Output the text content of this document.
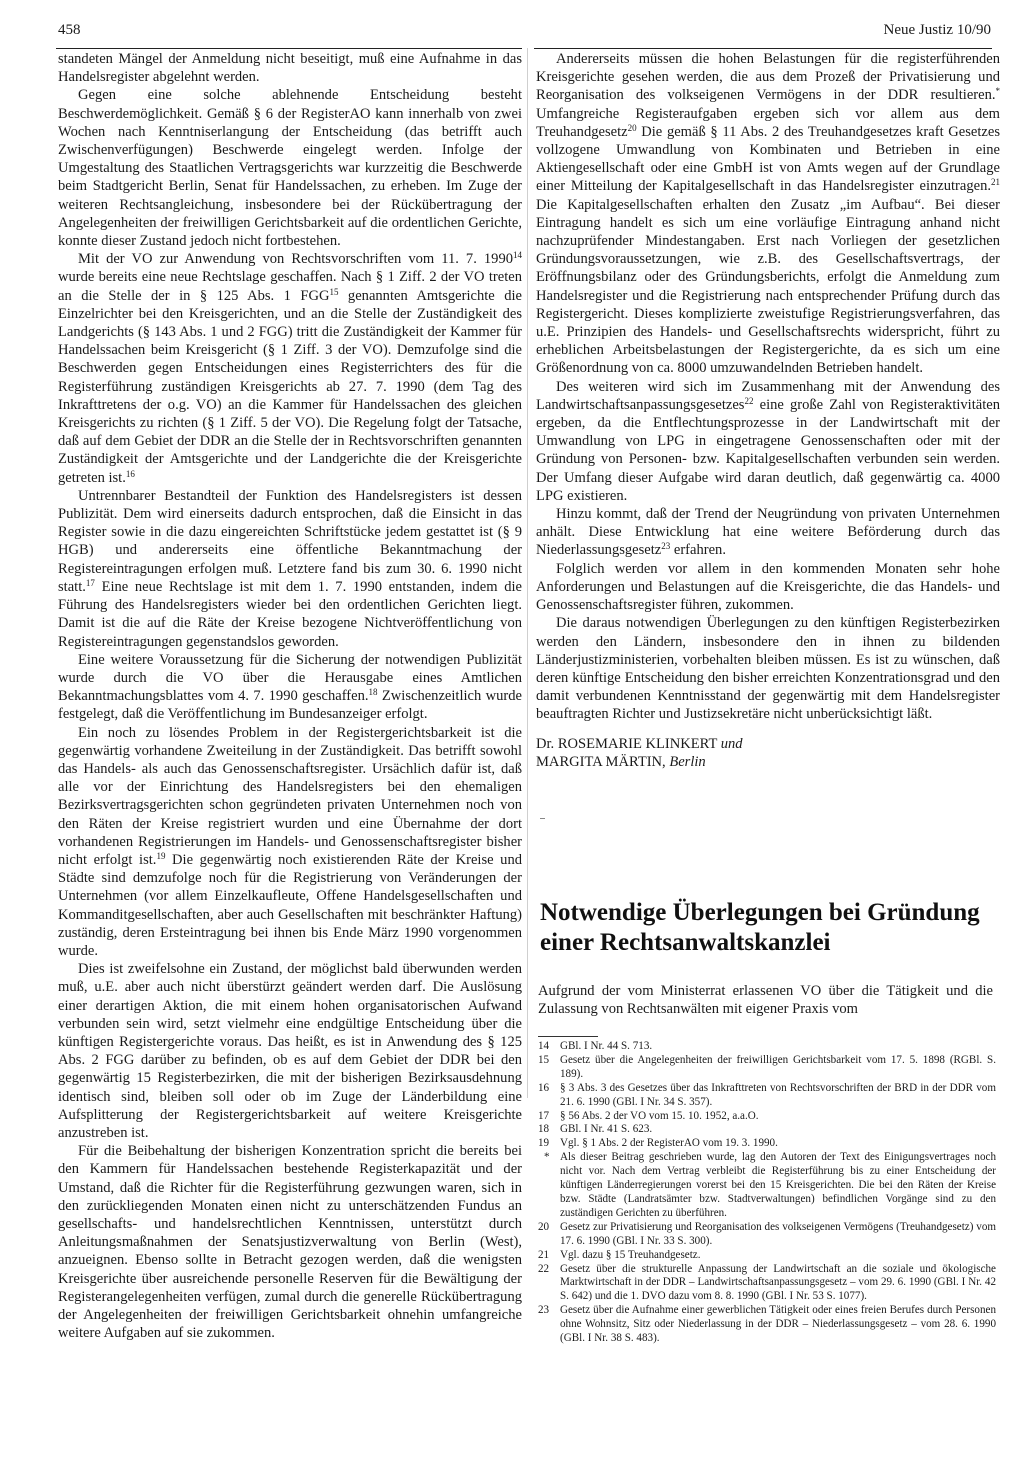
458	Neue Justiz 10/90

standeten Mängel der Anmeldung nicht beseitigt, muß eine Aufnahme in das Handelsregister abgelehnt werden.

Gegen eine solche ablehnende Entscheidung besteht Beschwerdemöglichkeit. Gemäß § 6 der RegisterAO kann innerhalb von zwei Wochen nach Kenntniserlangung der Entscheidung (das betrifft auch Zwischenverfügungen) Beschwerde eingelegt werden. Infolge der Umgestaltung des Staatlichen Vertragsgerichts war kurzzeitig die Beschwerde beim Stadtgericht Berlin, Senat für Handelssachen, zu erheben. Im Zuge der weiteren Rechtsangleichung, insbesondere bei der Rückübertragung der Angelegenheiten der freiwilligen Gerichtsbarkeit auf die ordentlichen Gerichte, konnte dieser Zustand jedoch nicht fortbestehen.

Mit der VO zur Anwendung von Rechtsvorschriften vom 11. 7. 1990$^{14}$ wurde bereits eine neue Rechtslage geschaffen. Nach § 1 Ziff. 2 der VO treten an die Stelle der in § 125 Abs. 1 FGG$^{15}$ genannten Amtsgerichte die Einzelrichter bei den Kreisgerichten, und an die Stelle der Zuständigkeit des Landgerichts (§ 143 Abs. 1 und 2 FGG) tritt die Zuständigkeit der Kammer für Handelssachen beim Kreisgericht (§ 1 Ziff. 3 der VO). Demzufolge sind die Beschwerden gegen Entscheidungen eines Registerrichters des für die Registerführung zuständigen Kreisgerichts ab 27. 7. 1990 (dem Tag des Inkrafttretens der o.g. VO) an die Kammer für Handelssachen des gleichen Kreisgerichts zu richten (§ 1 Ziff. 5 der VO). Die Regelung folgt der Tatsache, daß auf dem Gebiet der DDR an die Stelle der in Rechtsvorschriften genannten Zuständigkeit der Amtsgerichte und der Landgerichte die der Kreisgerichte getreten ist.$^{16}$

Untrennbarer Bestandteil der Funktion des Handelsregisters ist dessen Publizität. Dem wird einerseits dadurch entsprochen, daß die Einsicht in das Register sowie in die dazu eingereichten Schriftstücke jedem gestattet ist (§ 9 HGB) und andererseits eine öffentliche Bekanntmachung der Registereintragungen erfolgen muß. Letztere fand bis zum 30. 6. 1990 nicht statt.$^{17}$ Eine neue Rechtslage ist mit dem 1. 7. 1990 entstanden, indem die Führung des Handelsregisters wieder bei den ordentlichen Gerichten liegt. Damit ist die auf die Räte der Kreise bezogene Nichtveröffentlichung von Registereintragungen gegenstandslos geworden.

Eine weitere Voraussetzung für die Sicherung der notwendigen Publizität wurde durch die VO über die Herausgabe eines Amtlichen Bekanntmachungsblattes vom 4. 7. 1990 geschaffen.$^{18}$ Zwischenzeitlich wurde festgelegt, daß die Veröffentlichung im Bundesanzeiger erfolgt.

Ein noch zu lösendes Problem in der Registergerichtsbarkeit ist die gegenwärtig vorhandene Zweiteilung in der Zuständigkeit. Das betrifft sowohl das Handels- als auch das Genossenschaftsregister. Ursächlich dafür ist, daß alle vor der Einrichtung des Handelsregisters bei den ehemaligen Bezirksvertragsgerichten schon gegründeten privaten Unternehmen noch von den Räten der Kreise registriert wurden und eine Übernahme der dort vorhandenen Registrierungen im Handels- und Genossenschaftsregister bisher nicht erfolgt ist.$^{19}$ Die gegenwärtig noch existierenden Räte der Kreise und Städte sind demzufolge noch für die Registrierung von Veränderungen der Unternehmen (vor allem Einzelkaufleute, Offene Handelsgesellschaften und Kommanditgesellschaften, aber auch Gesellschaften mit beschränkter Haftung) zuständig, deren Ersteintragung bei ihnen bis Ende März 1990 vorgenommen wurde.

Dies ist zweifelsohne ein Zustand, der möglichst bald überwunden werden muß, u.E. aber auch nicht überstürzt geändert werden darf. Die Auslösung einer derartigen Aktion, die mit einem hohen organisatorischen Aufwand verbunden sein wird, setzt vielmehr eine endgültige Entscheidung über die künftigen Registergerichte voraus. Das heißt, es ist in Anwendung des § 125 Abs. 2 FGG darüber zu befinden, ob es auf dem Gebiet der DDR bei den gegenwärtig 15 Registerbezirken, die mit der bisherigen Bezirksausdehnung identisch sind, bleiben soll oder ob im Zuge der Länderbildung eine Aufsplitterung der Registergerichtsbarkeit auf weitere Kreisgerichte anzustreben ist.

Für die Beibehaltung der bisherigen Konzentration spricht die bereits bei den Kammern für Handelssachen bestehende Registerkapazität und der Umstand, daß die Richter für die Registerführung gezwungen waren, sich in den zurückliegenden Monaten einen nicht zu unterschätzenden Fundus an gesellschafts- und handelsrechtlichen Kenntnissen, unterstützt durch Anleitungsmaßnahmen der Senatsjustizverwaltung von Berlin (West), anzueignen. Ebenso sollte in Betracht gezogen werden, daß die wenigsten Kreisgerichte über ausreichende personelle Reserven für die Bewältigung der Registerangelegenheiten verfügen, zumal durch die generelle Rückübertragung der Angelegenheiten der freiwilligen Gerichtsbarkeit ohnehin umfangreiche weitere Aufgaben auf sie zukommen.

Andererseits müssen die hohen Belastungen für die registerführenden Kreisgerichte gesehen werden, die aus dem Prozeß der Privatisierung und Reorganisation des volkseigenen Vermögens in der DDR resultieren.* Umfangreiche Registeraufgaben ergeben sich vor allem aus dem Treuhandgesetz$^{20}$ Die gemäß § 11 Abs. 2 des Treuhandgesetzes kraft Gesetzes vollzogene Umwandlung von Kombinaten und Betrieben in eine Aktiengesellschaft oder eine GmbH ist von Amts wegen auf der Grundlage einer Mitteilung der Kapitalgesellschaft in das Handelsregister einzutragen.$^{21}$ Die Kapitalgesellschaften erhalten den Zusatz „im Aufbau“. Bei dieser Eintragung handelt es sich um eine vorläufige Eintragung anhand nicht nachzuprüfender Mindestangaben. Erst nach Vorliegen der gesetzlichen Gründungsvoraussetzungen, wie z.B. des Gesellschaftsvertrags, der Eröffnungsbilanz oder des Gründungsberichts, erfolgt die Anmeldung zum Handelsregister und die Registrierung nach entsprechender Prüfung durch das Registergericht. Dieses komplizierte zweistufige Registrierungsverfahren, das u.E. Prinzipien des Handels- und Gesellschaftsrechts widerspricht, führt zu erheblichen Arbeitsbelastungen der Registergerichte, da es sich um eine Größenordnung von ca. 8000 umzuwandelnden Betrieben handelt.

Des weiteren wird sich im Zusammenhang mit der Anwendung des Landwirtschaftsanpassungsgesetzes$^{22}$ eine große Zahl von Registeraktivitäten ergeben, da die Entflechtungsprozesse in der Landwirtschaft mit der Umwandlung von LPG in eingetragene Genossenschaften oder mit der Gründung von Personen- bzw. Kapitalgesellschaften verbunden sein werden. Der Umfang dieser Aufgabe wird daran deutlich, daß gegenwärtig ca. 4000 LPG existieren.

Hinzu kommt, daß der Trend der Neugründung von privaten Unternehmen anhält. Diese Entwicklung hat eine weitere Beförderung durch das Niederlassungsgesetz$^{23}$ erfahren.

Folglich werden vor allem in den kommenden Monaten sehr hohe Anforderungen und Belastungen auf die Kreisgerichte, die das Handels- und Genossenschaftsregister führen, zukommen.

Die daraus notwendigen Überlegungen zu den künftigen Registerbezirken werden den Ländern, insbesondere den in ihnen zu bildenden Länderjustizministerien, vorbehalten bleiben müssen. Es ist zu wünschen, daß deren künftige Entscheidung den bisher erreichten Konzentrationsgrad und den damit verbundenen Kenntnisstand der gegenwärtig mit dem Handelsregister beauftragten Richter und Justizsekretäre nicht unberücksichtigt läßt.

Dr. ROSEMARIE KLINKERT und
MARGITA MÄRTIN, Berlin
Notwendige Überlegungen bei Gründung einer Rechtsanwaltskanzlei

Aufgrund der vom Ministerrat erlassenen VO über die Tätigkeit und die Zulassung von Rechtsanwälten mit eigener Praxis vom

14 GBl. I Nr. 44 S. 713.
15 Gesetz über die Angelegenheiten der freiwilligen Gerichtsbarkeit vom 17. 5. 1898 (RGBl. S. 189).
16 § 3 Abs. 3 des Gesetzes über das Inkrafttreten von Rechtsvorschriften der BRD in der DDR vom 21. 6. 1990 (GBl. I Nr. 34 S. 357).
17 § 56 Abs. 2 der VO vom 15. 10. 1952, a.a.O.
18 GBl. I Nr. 41 S. 623.
19 Vgl. § 1 Abs. 2 der RegisterAO vom 19. 3. 1990.
* Als dieser Beitrag geschrieben wurde, lag den Autoren der Text des Einigungsvertrages noch nicht vor. Nach dem Vertrag verbleibt die Registerführung bis zu einer Entscheidung der künftigen Länderregierungen vorerst bei den 15 Kreisgerichten. Die bei den Räten der Kreise bzw. Städte (Landratsämter bzw. Stadtverwaltungen) befindlichen Vorgänge sind zu den zuständigen Gerichten zu überführen.
20 Gesetz zur Privatisierung und Reorganisation des volkseigenen Vermögens (Treuhandgesetz) vom 17. 6. 1990 (GBl. I Nr. 33 S. 300).
21 Vgl. dazu § 15 Treuhandgesetz.
22 Gesetz über die strukturelle Anpassung der Landwirtschaft an die soziale und ökologische Marktwirtschaft in der DDR – Landwirtschaftsanpassungsgesetz – vom 29. 6. 1990 (GBl. I Nr. 42 S. 642) und die 1. DVO dazu vom 8. 8. 1990 (GBl. I Nr. 53 S. 1077).
23 Gesetz über die Aufnahme einer gewerblichen Tätigkeit oder eines freien Berufes durch Personen ohne Wohnsitz, Sitz oder Niederlassung in der DDR – Niederlassungsgesetz – vom 28. 6. 1990 (GBl. I Nr. 38 S. 483).
